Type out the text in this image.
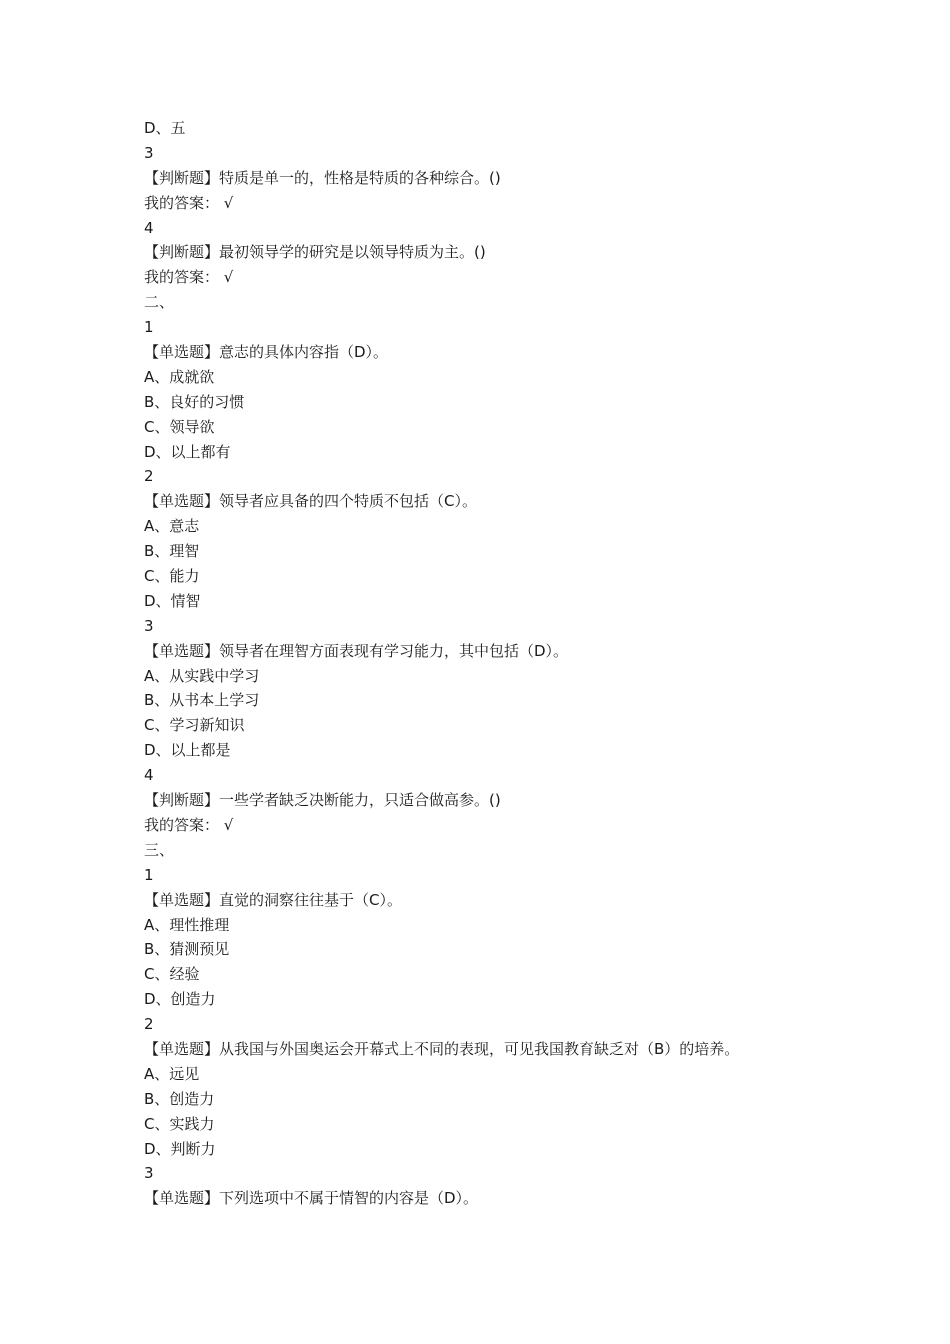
D、五
3
【判断题】特质是单一的，性格是特质的各种综合。()
我的答案： √
4
【判断题】最初领导学的研究是以领导特质为主。()
我的答案： √
二、
1
【单选题】意志的具体内容指（D）。
A、成就欲
B、良好的习惯
C、领导欲
D、以上都有
2
【单选题】领导者应具备的四个特质不包括（C）。
A、意志
B、理智
C、能力
D、情智
3
【单选题】领导者在理智方面表现有学习能力，其中包括（D）。
A、从实践中学习
B、从书本上学习
C、学习新知识
D、以上都是
4
【判断题】一些学者缺乏决断能力，只适合做高参。()
我的答案： √
三、
1
【单选题】直觉的洞察往往基于（C）。
A、理性推理
B、猜测预见
C、经验
D、创造力
2
【单选题】从我国与外国奥运会开幕式上不同的表现，可见我国教育缺乏对（B）的培养。
A、远见
B、创造力
C、实践力
D、判断力
3
【单选题】下列选项中不属于情智的内容是（D）。
